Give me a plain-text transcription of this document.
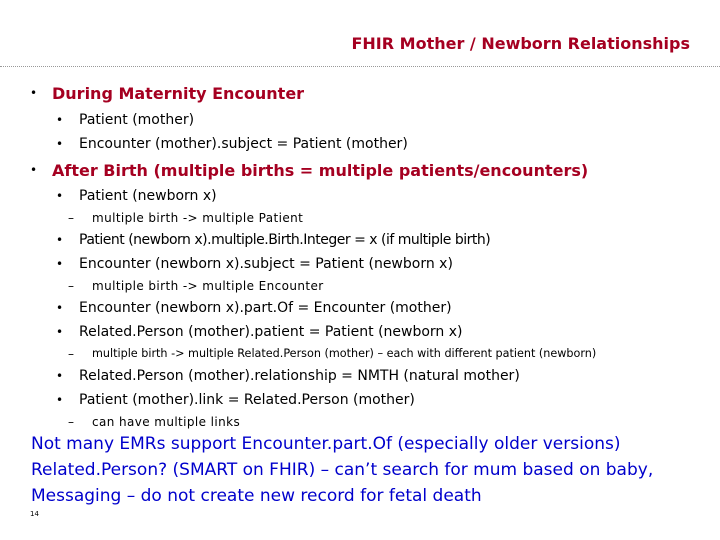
FHIR Mother / Newborn Relationships
• During Maternity Encounter
• Patient (mother)
• Encounter (mother).subject = Patient (mother)
• After Birth (multiple births = multiple patients/encounters)
• Patient (newborn x)
– multiple birth -> multiple Patient
• Patient (newborn x).multiple.Birth.Integer = x (if multiple birth)
• Encounter (newborn x).subject = Patient (newborn x)
– multiple birth -> multiple Encounter
• Encounter (newborn x).part.Of = Encounter (mother)
• Related.Person (mother).patient = Patient (newborn x)
– multiple birth -> multiple Related.Person (mother) – each with different patient (newborn)
• Related.Person (mother).relationship = NMTH (natural mother)
• Patient (mother).link = Related.Person (mother)
– can have multiple links
Not many EMRs support Encounter.part.Of (especially older versions)
Related.Person? (SMART on FHIR) – can’t search for mum based on baby,
Messaging – do not create new record for fetal death
14
